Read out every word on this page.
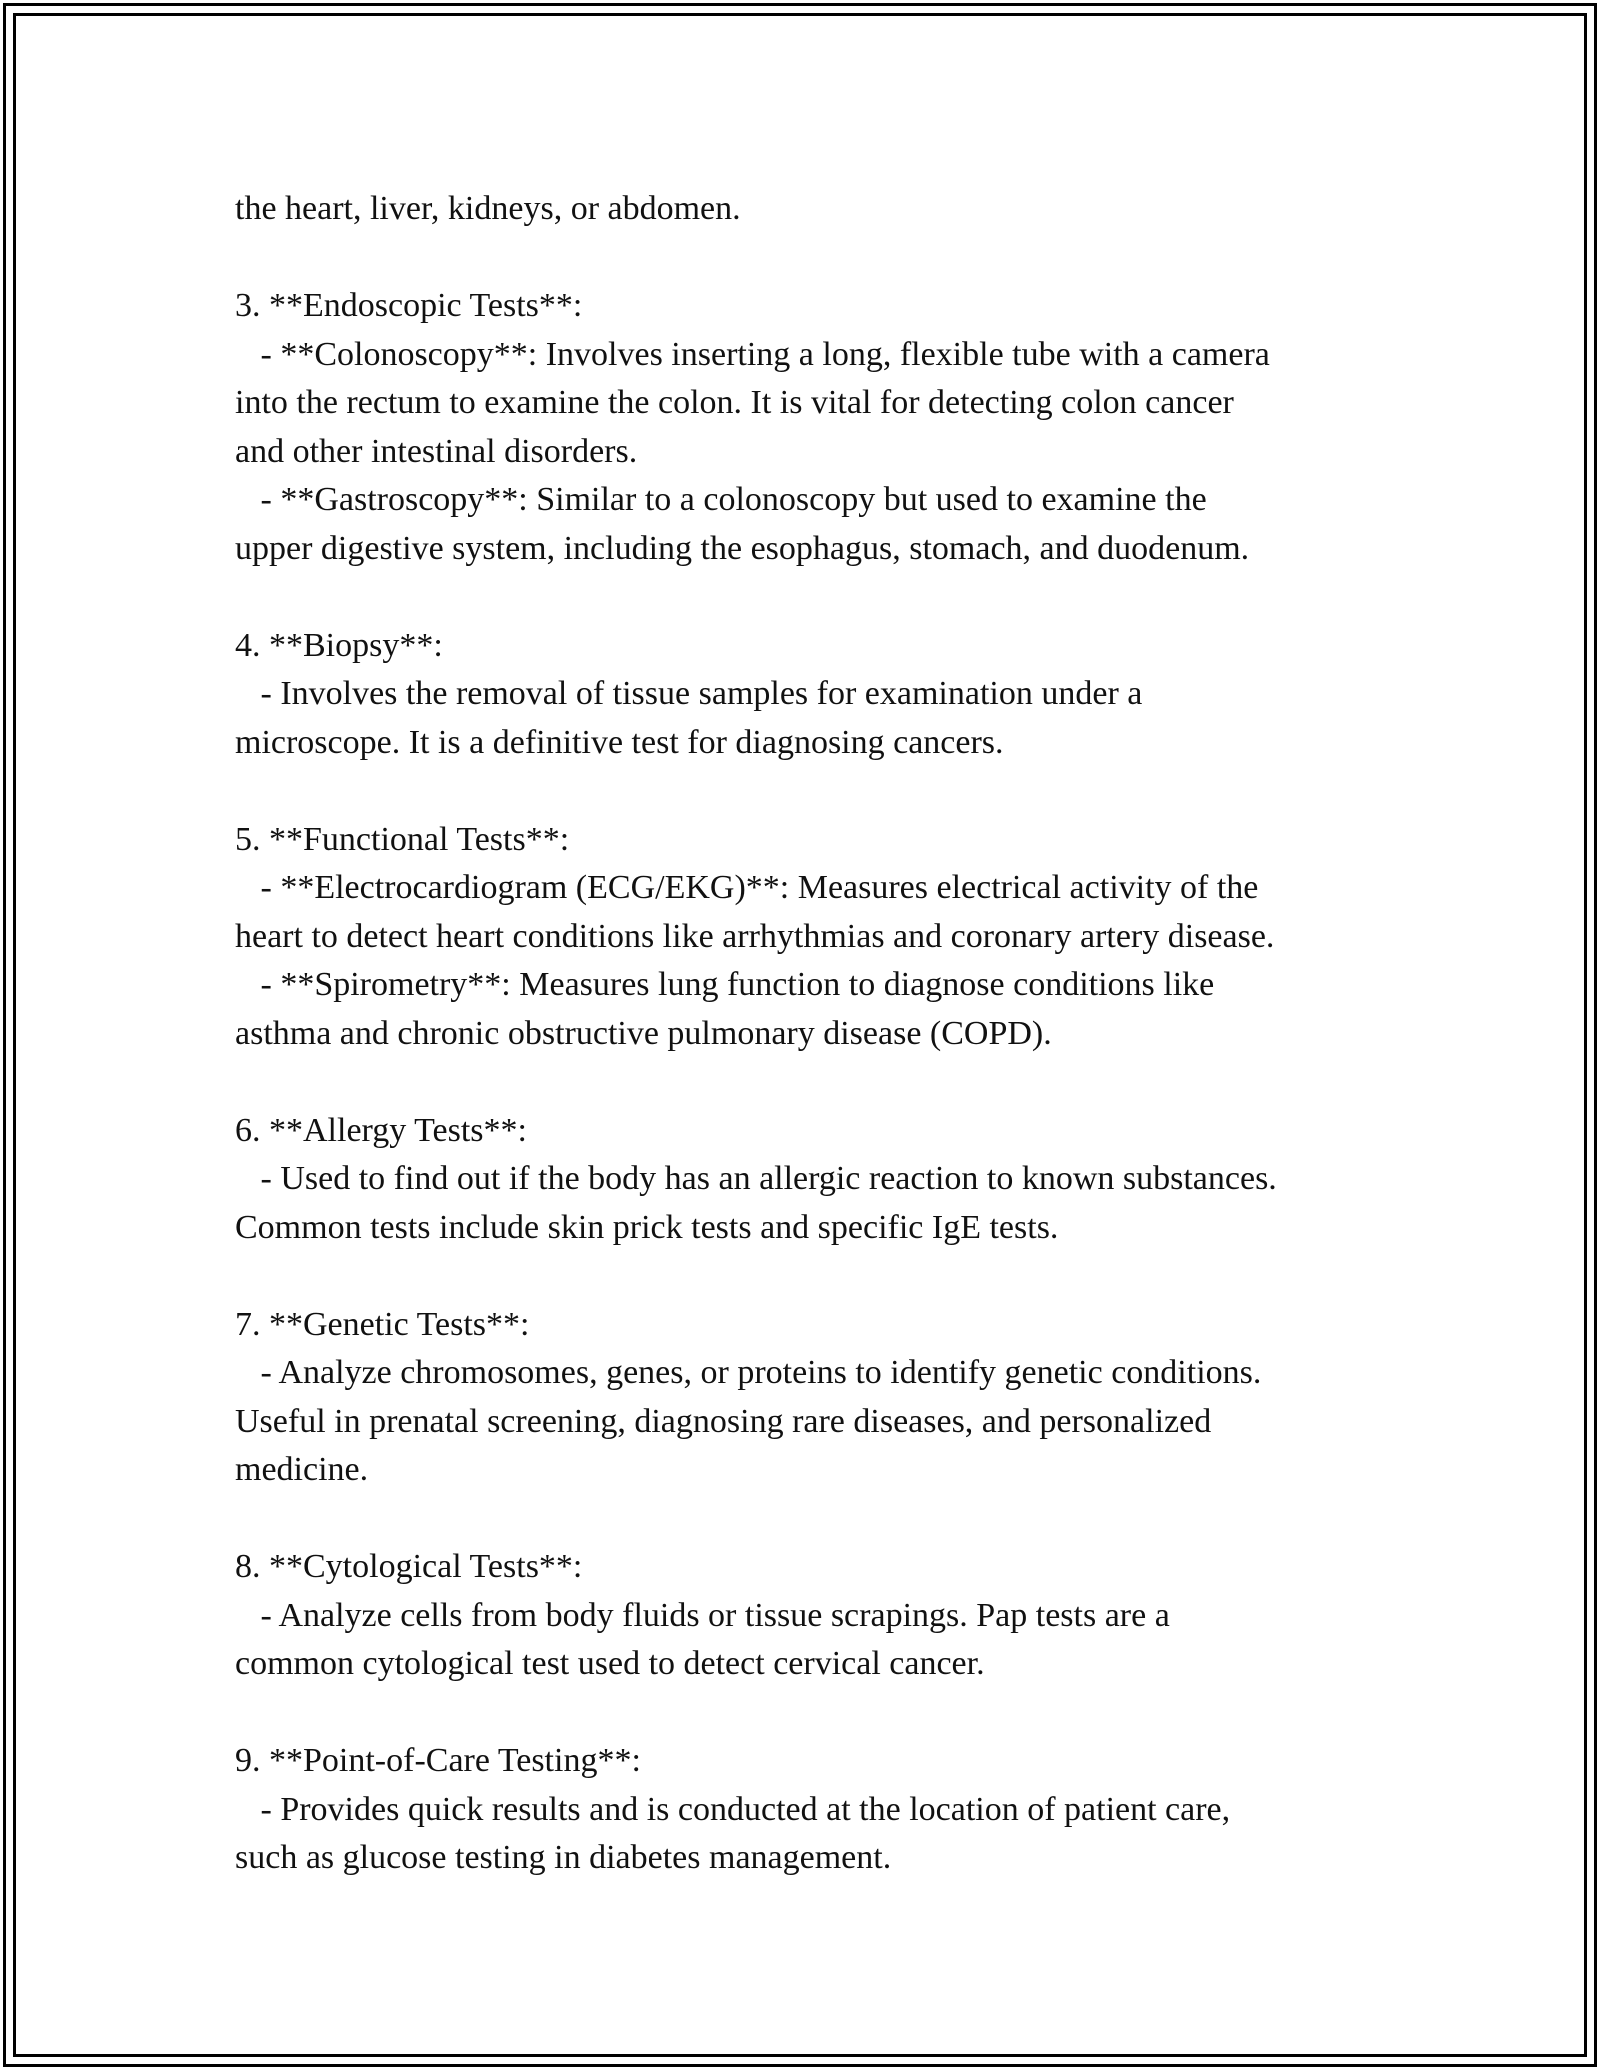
the heart, liver, kidneys, or abdomen.
3. **Endoscopic Tests**:
- **Colonoscopy**: Involves inserting a long, flexible tube with a camera
into the rectum to examine the colon. It is vital for detecting colon cancer
and other intestinal disorders.
- **Gastroscopy**: Similar to a colonoscopy but used to examine the
upper digestive system, including the esophagus, stomach, and duodenum.
4. **Biopsy**:
- Involves the removal of tissue samples for examination under a
microscope. It is a definitive test for diagnosing cancers.
5. **Functional Tests**:
- **Electrocardiogram (ECG/EKG)**: Measures electrical activity of the
heart to detect heart conditions like arrhythmias and coronary artery disease.
- **Spirometry**: Measures lung function to diagnose conditions like
asthma and chronic obstructive pulmonary disease (COPD).
6. **Allergy Tests**:
- Used to find out if the body has an allergic reaction to known substances.
Common tests include skin prick tests and specific IgE tests.
7. **Genetic Tests**:
- Analyze chromosomes, genes, or proteins to identify genetic conditions.
Useful in prenatal screening, diagnosing rare diseases, and personalized
medicine.
8. **Cytological Tests**:
- Analyze cells from body fluids or tissue scrapings. Pap tests are a
common cytological test used to detect cervical cancer.
9. **Point-of-Care Testing**:
- Provides quick results and is conducted at the location of patient care,
such as glucose testing in diabetes management.
